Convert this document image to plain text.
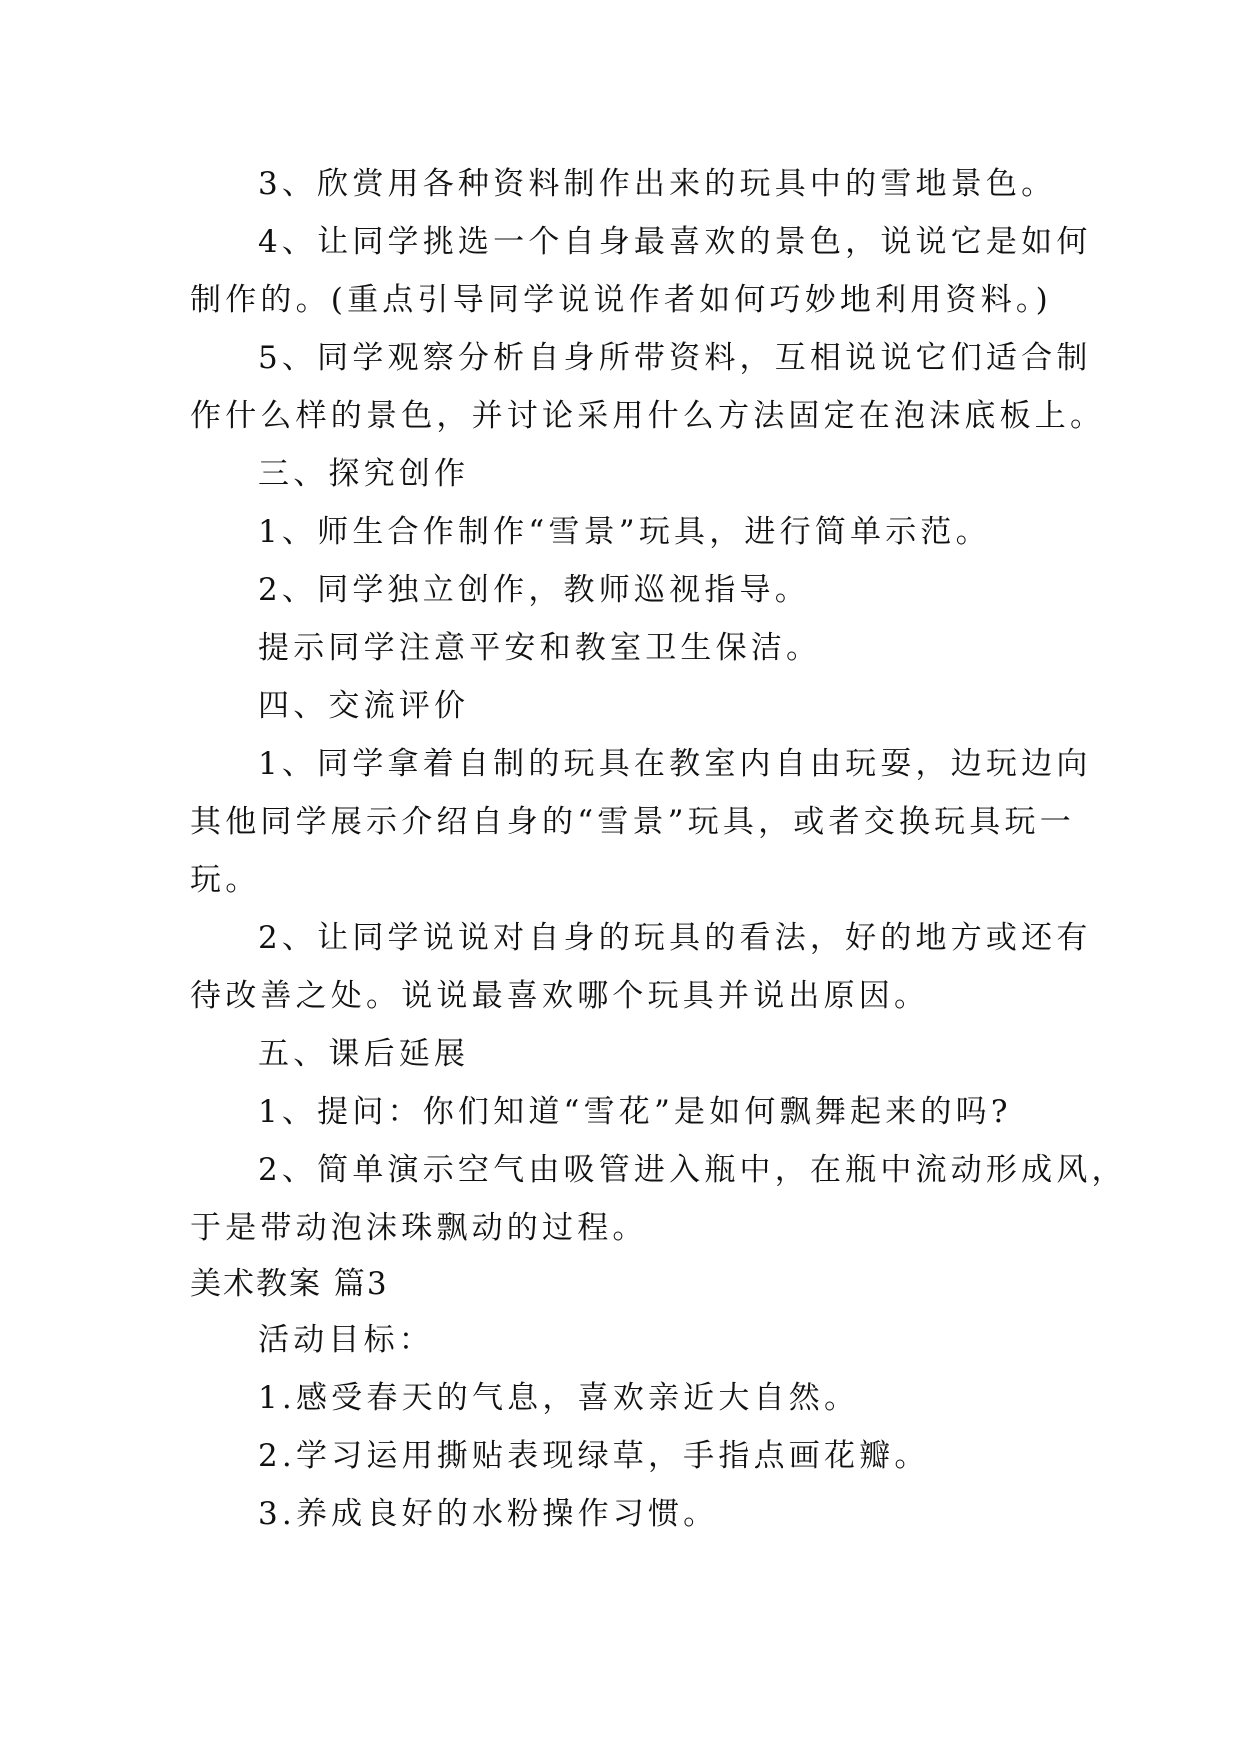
3、欣赏用各种资料制作出来的玩具中的雪地景色。
4、让同学挑选一个自身最喜欢的景色，说说它是如何
制作的。(重点引导同学说说作者如何巧妙地利用资料。)
5、同学观察分析自身所带资料，互相说说它们适合制
作什么样的景色，并讨论采用什么方法固定在泡沫底板上。
三、探究创作
1、师生合作制作“雪景”玩具，进行简单示范。
2、同学独立创作，教师巡视指导。
提示同学注意平安和教室卫生保洁。
四、交流评价
1、同学拿着自制的玩具在教室内自由玩耍，边玩边向
其他同学展示介绍自身的“雪景”玩具，或者交换玩具玩一
玩。
2、让同学说说对自身的玩具的看法，好的地方或还有
待改善之处。说说最喜欢哪个玩具并说出原因。
五、课后延展
1、提问：你们知道“雪花”是如何飘舞起来的吗?
2、简单演示空气由吸管进入瓶中，在瓶中流动形成风，
于是带动泡沫珠飘动的过程。
美术教案 篇3
活动目标：
1.感受春天的气息，喜欢亲近大自然。
2.学习运用撕贴表现绿草，手指点画花瓣。
3.养成良好的水粉操作习惯。
